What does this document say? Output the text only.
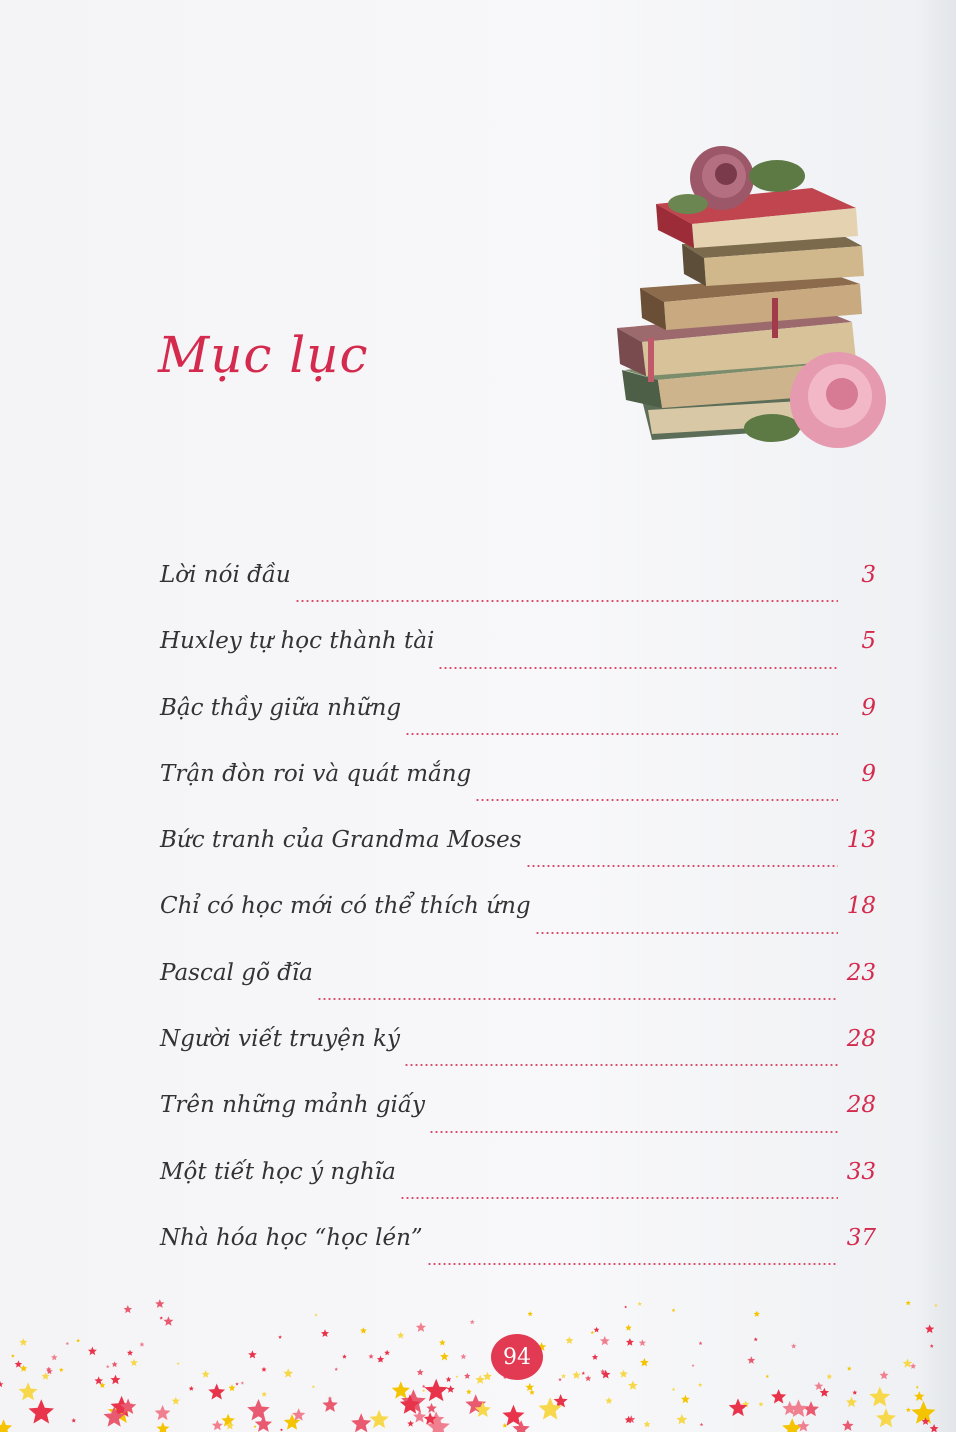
Mục lục
Lời nói đầu	3
Huxley tự học thành tài	5
Bậc thầy giữa những	9
Trận đòn roi và quát mắng	9
Bức tranh của Grandma Moses	13
Chỉ có học mới có thể thích ứng	18
Pascal gõ đĩa	23
Người viết truyện ký	28
Trên những mảnh giấy	28
Một tiết học ý nghĩa	33
Nhà hóa học “học lén”	37
94
